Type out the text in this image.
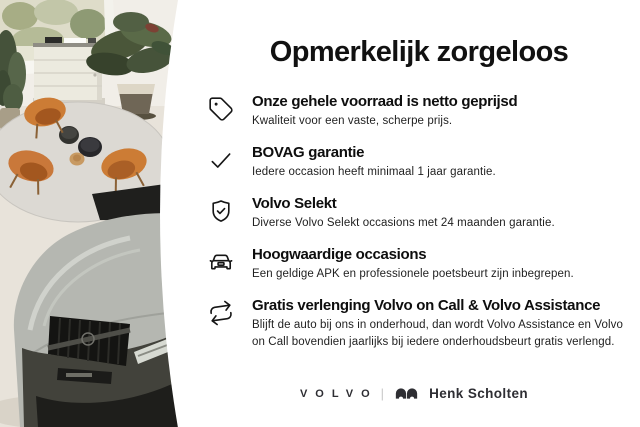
Opmerkelijk zorgeloos
Onze gehele voorraad is netto geprijsd
Kwaliteit voor een vaste, scherpe prijs.
BOVAG garantie
Iedere occasion heeft minimaal 1 jaar garantie.
Volvo Selekt
Diverse Volvo Selekt occasions met 24 maanden garantie.
Hoogwaardige occasions
Een geldige APK en professionele poetsbeurt zijn inbegrepen.
Gratis verlenging Volvo on Call & Volvo Assistance
Blijft de auto bij ons in onderhoud, dan wordt Volvo Assistance en Volvo on Call bovendien jaarlijks bij iedere onderhoudsbeurt gratis verlengd.
VOLVO |	Henk Scholten
